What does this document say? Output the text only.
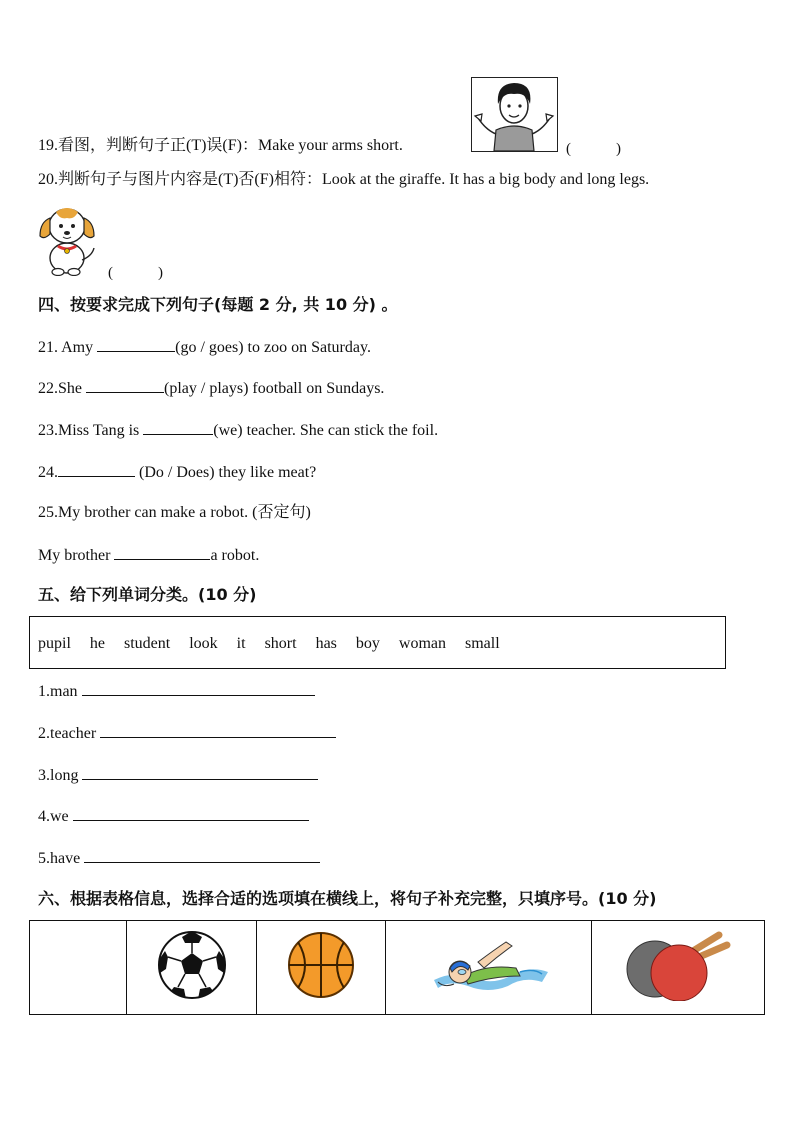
19.看图，判断句子正(T)误(F)：Make your arms short.	(　　　)
20.判断句子与图片内容是(T)否(F)相符：Look at the giraffe. It has a big body and long legs.
(　　　)
四、按要求完成下列句子(每题 2 分, 共 10 分) 。
21. Amy	(go / goes) to zoo on Saturday.
22.She	(play / plays) football on Sundays.
23.Miss Tang is	(we) teacher. She can stick the foil.
24.	(Do / Does) they like meat?
25.My brother can make a robot. (否定句)
My brother	a robot.
五、给下列单词分类。(10 分)
pupil he student look it short has boy woman small
1.man
2.teacher
3.long
4.we
5.have
六、根据表格信息，选择合适的选项填在横线上，将句子补充完整，只填序号。(10 分)
